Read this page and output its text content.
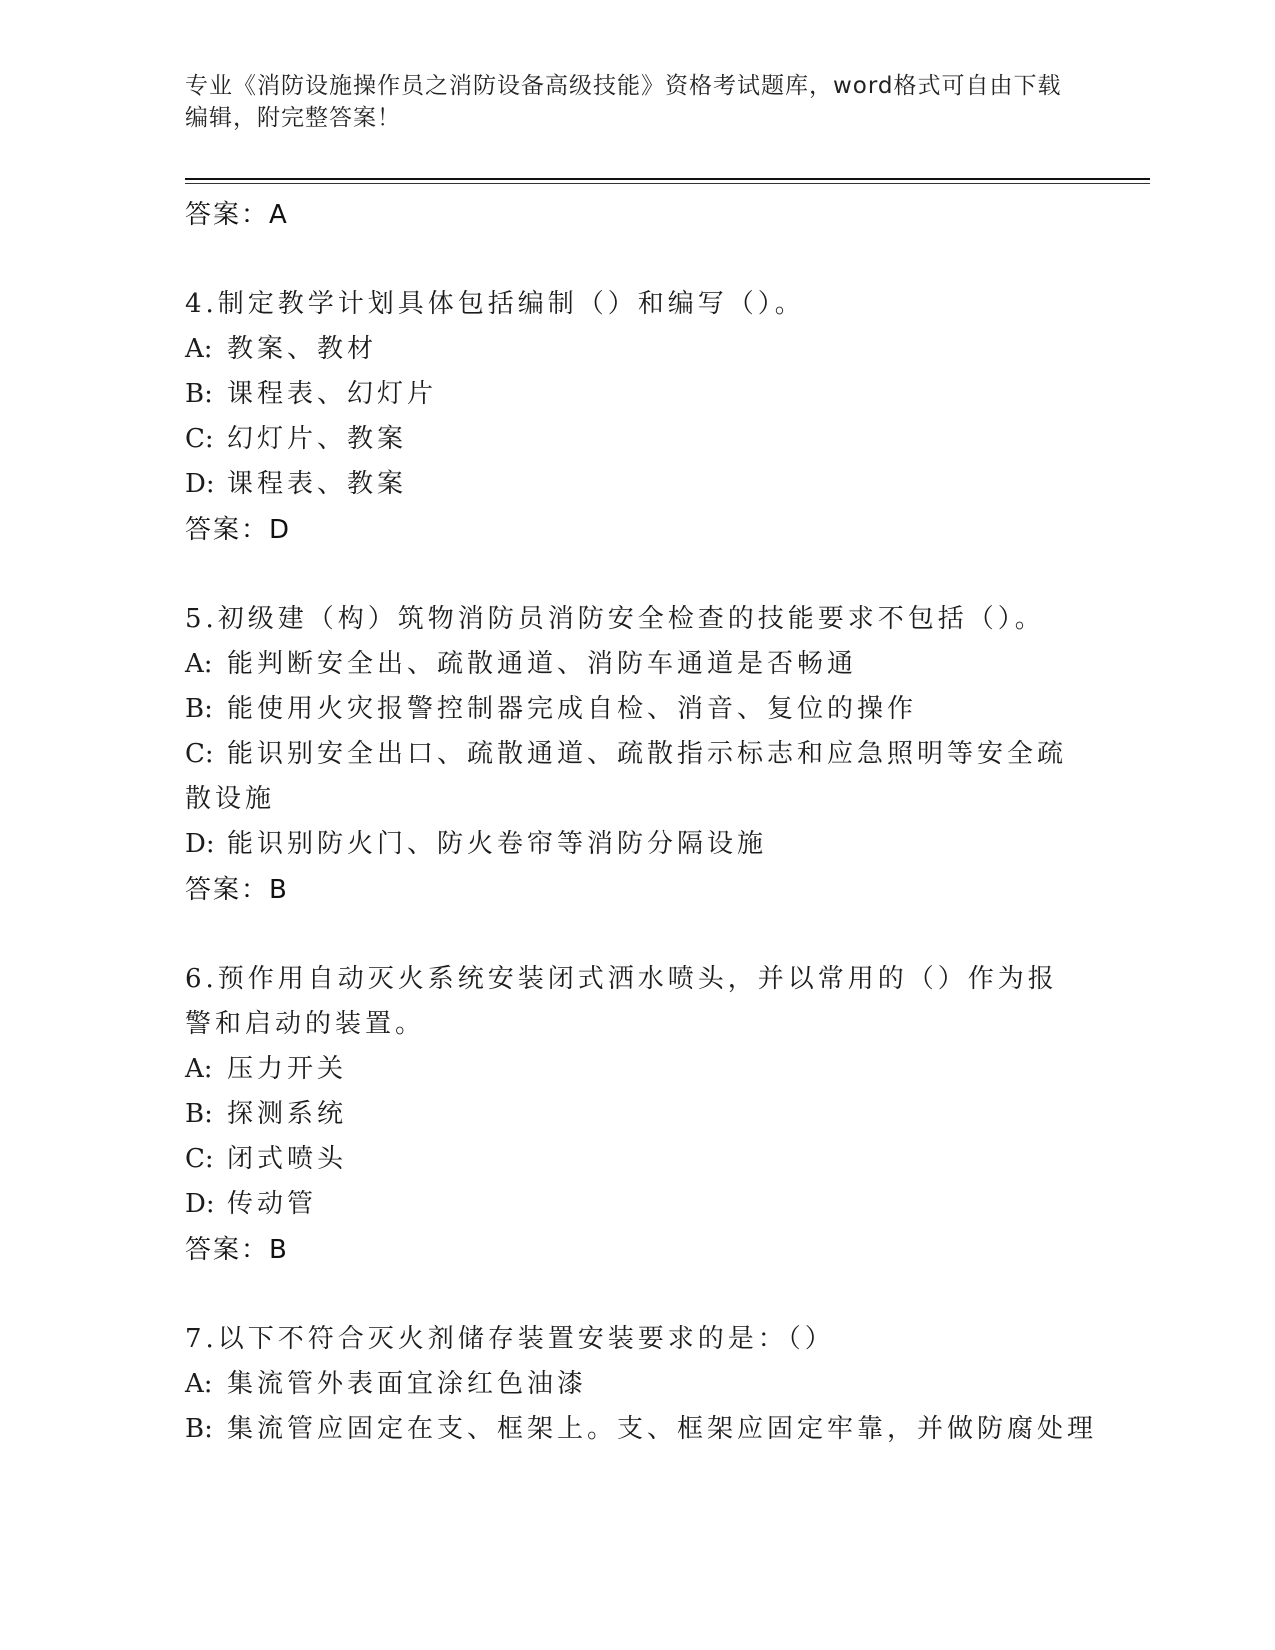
专业《消防设施操作员之消防设备高级技能》资格考试题库，word格式可自由下载编辑，附完整答案！
答案：A
4.制定教学计划具体包括编制（）和编写（）。
A: 教案、教材
B: 课程表、幻灯片
C: 幻灯片、教案
D: 课程表、教案
答案：D
5.初级建（构）筑物消防员消防安全检查的技能要求不包括（）。
A: 能判断安全出、疏散通道、消防车通道是否畅通
B: 能使用火灾报警控制器完成自检、消音、复位的操作
C: 能识别安全出口、疏散通道、疏散指示标志和应急照明等安全疏散设施
D: 能识别防火门、防火卷帘等消防分隔设施
答案：B
6.预作用自动灭火系统安装闭式洒水喷头，并以常用的（）作为报警和启动的装置。
A: 压力开关
B: 探测系统
C: 闭式喷头
D: 传动管
答案：B
7.以下不符合灭火剂储存装置安装要求的是：（）
A: 集流管外表面宜涂红色油漆
B: 集流管应固定在支、框架上。支、框架应固定牢靠，并做防腐处理
